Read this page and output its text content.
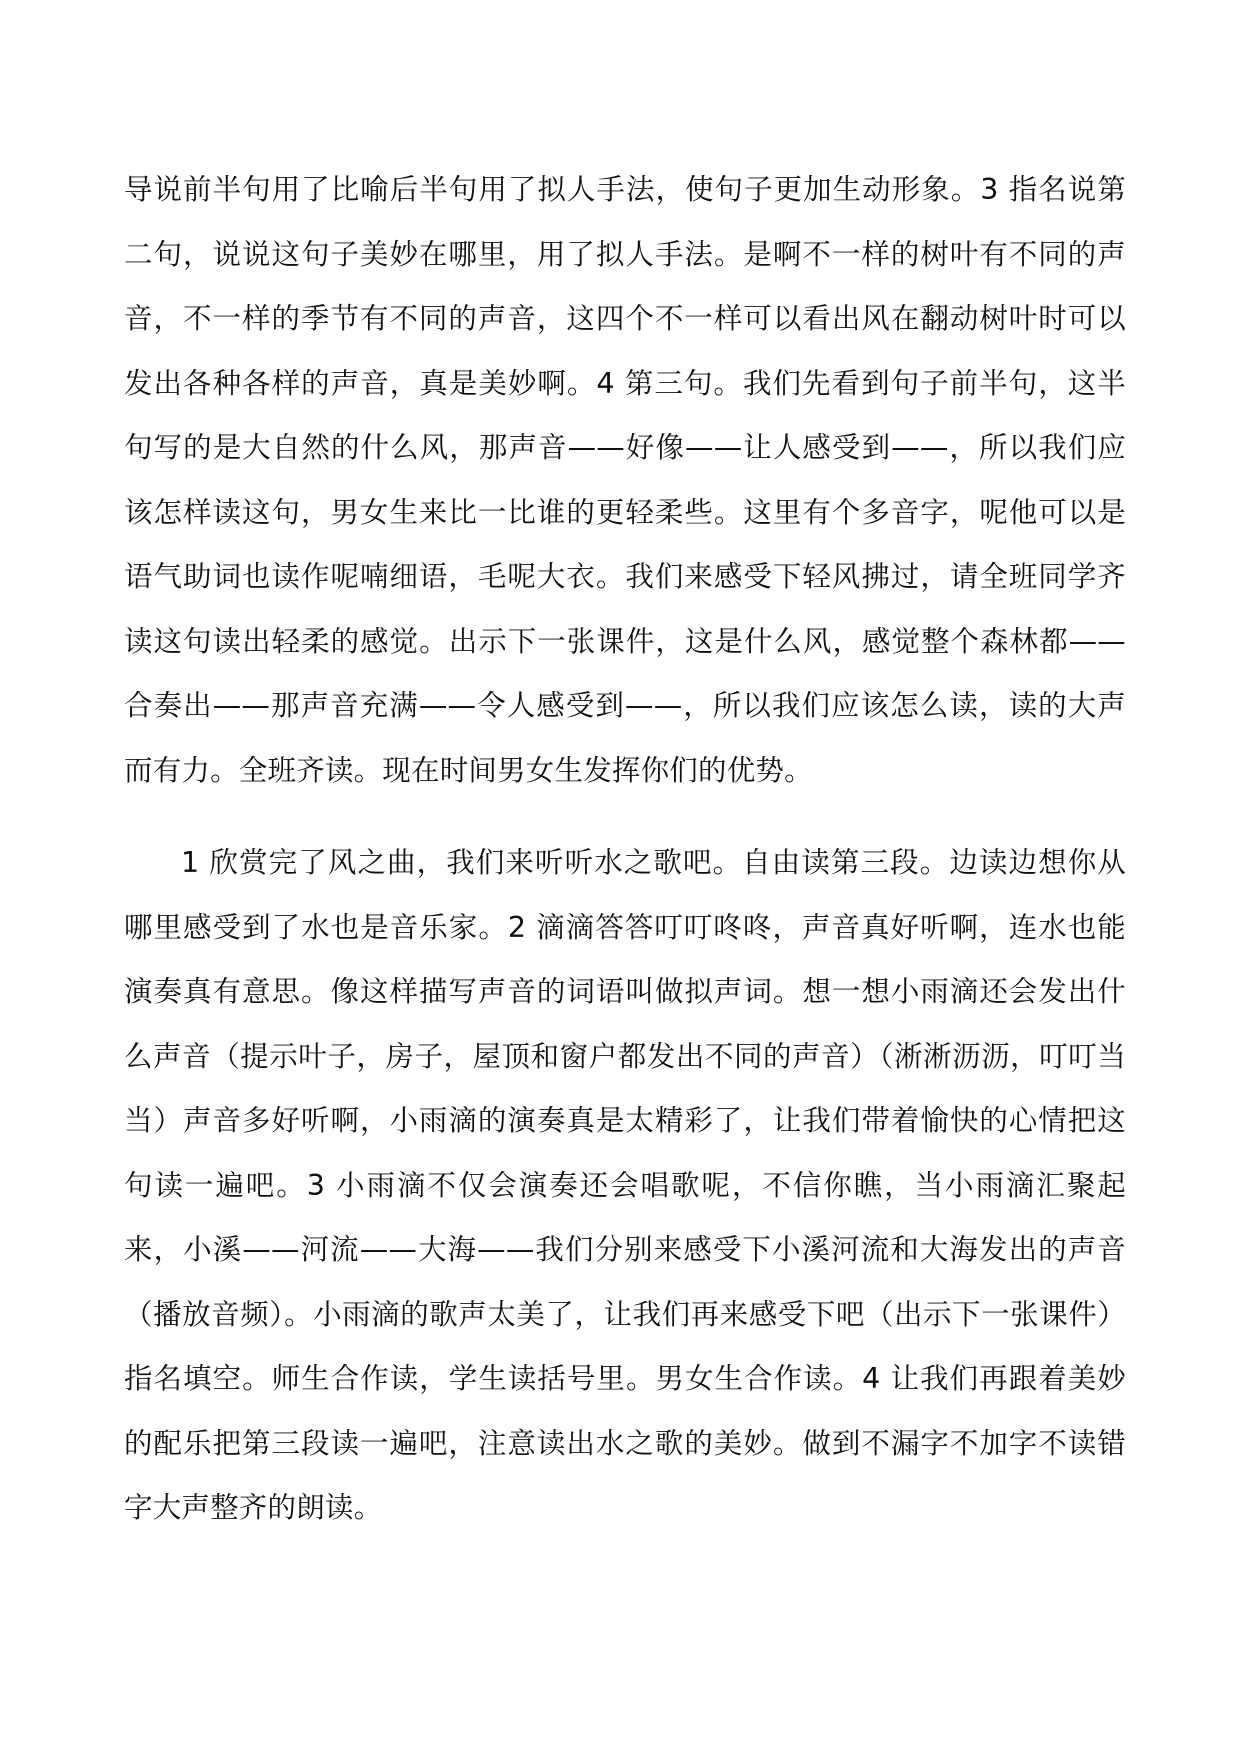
导说前半句用了比喻后半句用了拟人手法，使句子更加生动形象。3 指名说第二句，说说这句子美妙在哪里，用了拟人手法。是啊不一样的树叶有不同的声音，不一样的季节有不同的声音，这四个不一样可以看出风在翻动树叶时可以发出各种各样的声音，真是美妙啊。4 第三句。我们先看到句子前半句，这半句写的是大自然的什么风，那声音——好像——让人感受到——，所以我们应该怎样读这句，男女生来比一比谁的更轻柔些。这里有个多音字，呢他可以是语气助词也读作呢喃细语，毛呢大衣。我们来感受下轻风拂过，请全班同学齐读这句读出轻柔的感觉。出示下一张课件，这是什么风，感觉整个森林都——合奏出——那声音充满——令人感受到——，所以我们应该怎么读，读的大声而有力。全班齐读。现在时间男女生发挥你们的优势。

1 欣赏完了风之曲，我们来听听水之歌吧。自由读第三段。边读边想你从哪里感受到了水也是音乐家。2 滴滴答答叮叮咚咚，声音真好听啊，连水也能演奏真有意思。像这样描写声音的词语叫做拟声词。想一想小雨滴还会发出什么声音（提示叶子，房子，屋顶和窗户都发出不同的声音）（淅淅沥沥，叮叮当当）声音多好听啊，小雨滴的演奏真是太精彩了，让我们带着愉快的心情把这句读一遍吧。3 小雨滴不仅会演奏还会唱歌呢，不信你瞧，当小雨滴汇聚起来，小溪——河流——大海——我们分别来感受下小溪河流和大海发出的声音（播放音频）。小雨滴的歌声太美了，让我们再来感受下吧（出示下一张课件）指名填空。师生合作读，学生读括号里。男女生合作读。4 让我们再跟着美妙的配乐把第三段读一遍吧，注意读出水之歌的美妙。做到不漏字不加字不读错字大声整齐的朗读。
